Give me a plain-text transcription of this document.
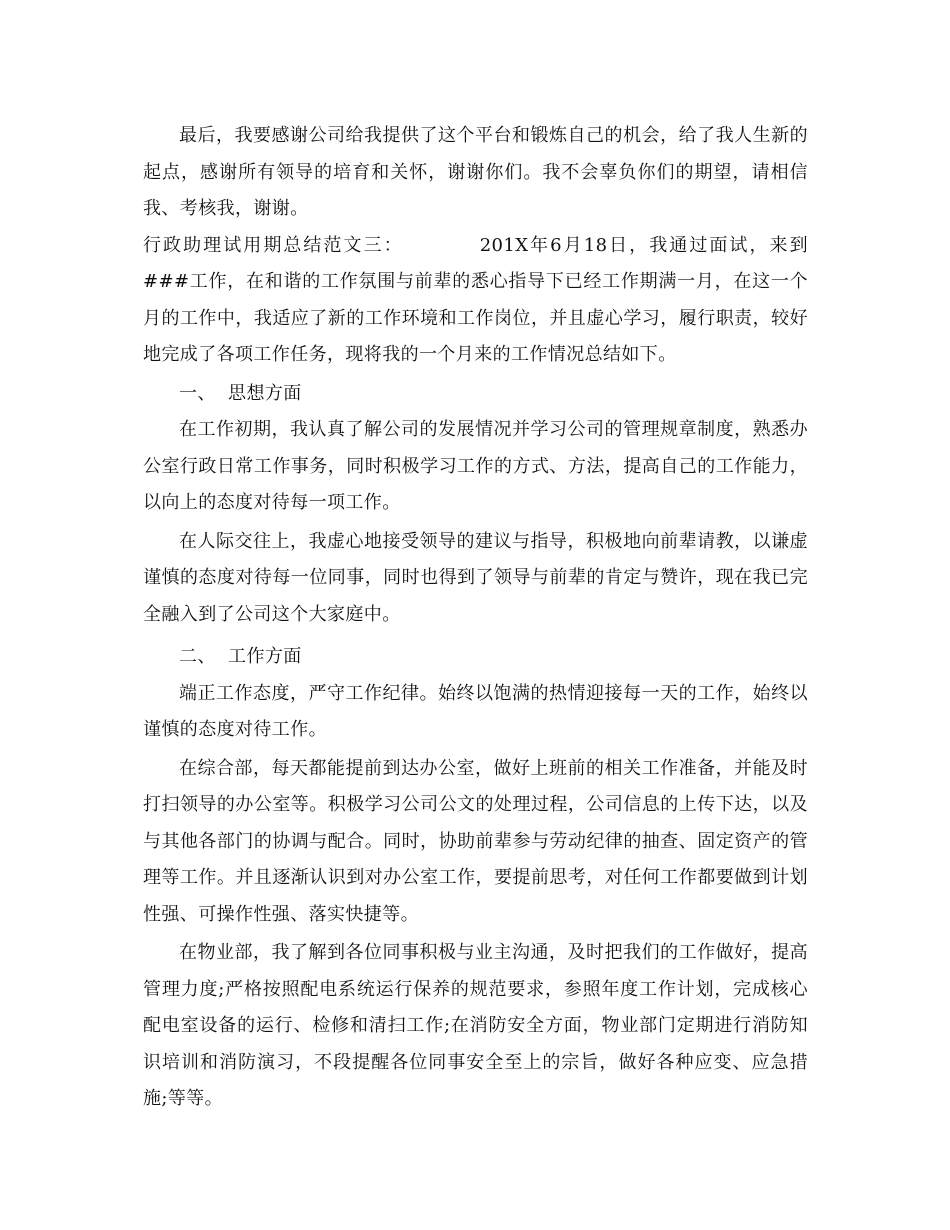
最后，我要感谢公司给我提供了这个平台和锻炼自己的机会，给了我人生新的起点，感谢所有领导的培育和关怀，谢谢你们。我不会辜负你们的期望，请相信我、考核我，谢谢。

行政助理试用期总结范文三：	201X年6月18日，我通过面试，来到###工作，在和谐的工作氛围与前辈的悉心指导下已经工作期满一月，在这一个月的工作中，我适应了新的工作环境和工作岗位，并且虚心学习，履行职责，较好地完成了各项工作任务，现将我的一个月来的工作情况总结如下。

一、  思想方面

在工作初期，我认真了解公司的发展情况并学习公司的管理规章制度，熟悉办公室行政日常工作事务，同时积极学习工作的方式、方法，提高自己的工作能力，以向上的态度对待每一项工作。

在人际交往上，我虚心地接受领导的建议与指导，积极地向前辈请教，以谦虚谨慎的态度对待每一位同事，同时也得到了领导与前辈的肯定与赞许，现在我已完全融入到了公司这个大家庭中。

二、  工作方面

端正工作态度，严守工作纪律。始终以饱满的热情迎接每一天的工作，始终以谨慎的态度对待工作。

在综合部，每天都能提前到达办公室，做好上班前的相关工作准备，并能及时打扫领导的办公室等。积极学习公司公文的处理过程，公司信息的上传下达，以及与其他各部门的协调与配合。同时，协助前辈参与劳动纪律的抽查、固定资产的管理等工作。并且逐渐认识到对办公室工作，要提前思考，对任何工作都要做到计划性强、可操作性强、落实快捷等。

在物业部，我了解到各位同事积极与业主沟通，及时把我们的工作做好，提高管理力度;严格按照配电系统运行保养的规范要求，参照年度工作计划，完成核心配电室设备的运行、检修和清扫工作;在消防安全方面，物业部门定期进行消防知识培训和消防演习，不段提醒各位同事安全至上的宗旨，做好各种应变、应急措施;等等。
